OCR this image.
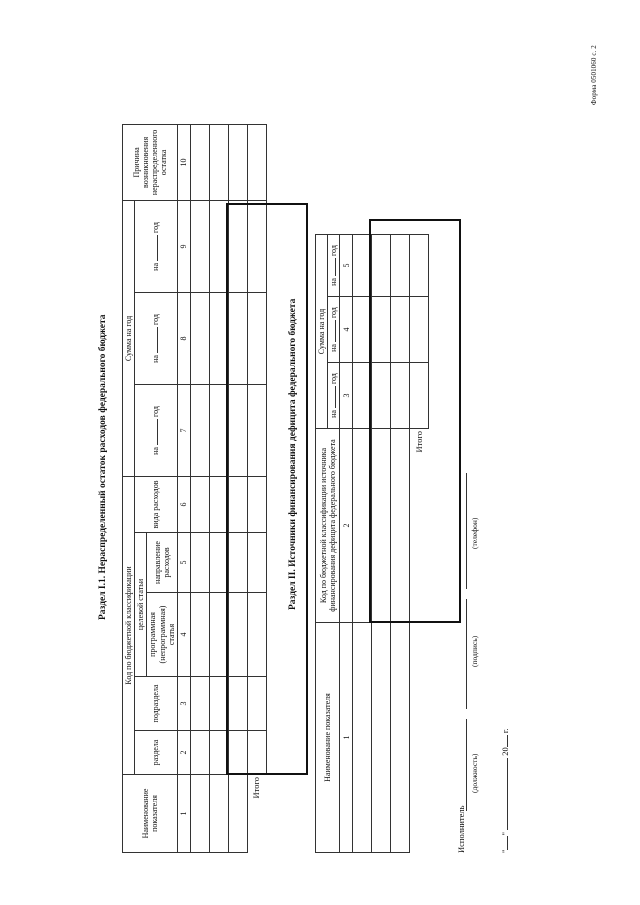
Форма 0501060 с. 2
Раздел I.1. Нераспределенный остаток расходов федерального бюджета
Наименование показателя	Код по бюджетной классификации					Сумма на год			Причина возникновения нераспределенного остатка	
	раздела	подраздела	целевой статьи		вида расходов	на  год	на  год	на  год		
			программная (непрограммная) статья	направление расходов						
1	2	3	4	5	6	7	8	9	10	

Итого										
Раздел II. Источники финансирования дефицита федерального бюджета
Наименование показателя	Код по бюджетной классификации источника финансирования дефицита федерального бюджета	Сумма на год		
		на  год	на  год	на  год
1	2	3	4	5

	Итого			
Исполнитель
(должность)
(подпись)
(телефон)
""  20 г.
